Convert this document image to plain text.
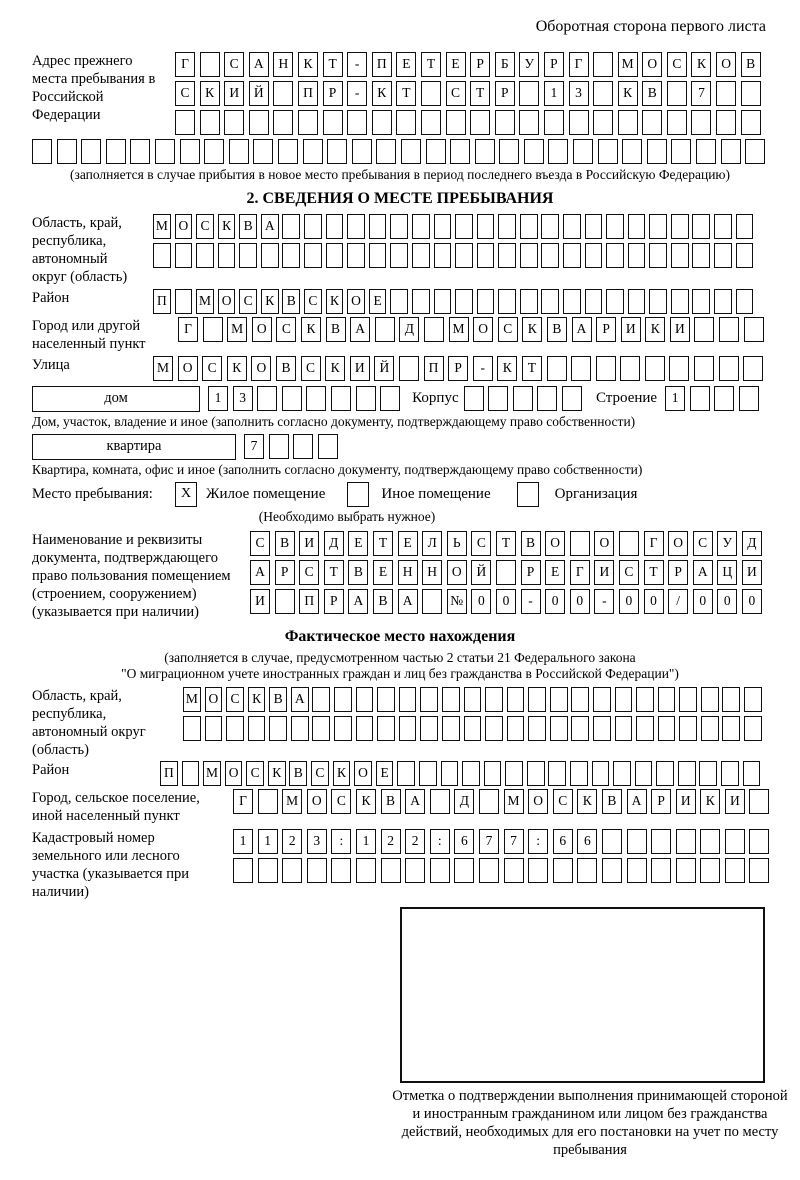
Оборотная сторона первого листа
Адрес прежнего места пребывания в Российской Федерации
Г	С	А	Н	К	Т	-	П	Е	Т	Е	Р	Б	У	Р	Г	М	О	С	К	О	В
С	К	И	Й	П	Р	-	К	Т	С	Т	Р	1	3	К	В	7
(заполняется в случае прибытия в новое место пребывания в период последнего въезда в Российскую Федерацию)
2. СВЕДЕНИЯ О МЕСТЕ ПРЕБЫВАНИЯ
Область, край, республика, автономный округ (область)
М О С К В А
Район	П М О С К В С К О Е
Город или другой населенный пункт
Г	М	О	С	К	В	А	Д	М	О	С	К	В	А	Р	И	К	И
Улица	М	О	С	К	О	В	С	К	И	Й	П	Р	-	К	Т
дом	1	3	Корпус	Строение	1
Дом, участок, владение и иное (заполнить согласно документу, подтверждающему право собственности)
квартира	7
Квартира, комната, офис и иное (заполнить согласно документу, подтверждающему право собственности)
Место пребывания:	X Жилое помещение	Иное помещение	Организация
(Необходимо выбрать нужное)
Наименование и реквизиты документа, подтверждающего право пользования помещением (строением, сооружением) (указывается при наличии)
С	В	И	Д	Е	Т	Е	Л	Ь	С	Т	В	О	О	Г	О	С	У	Д
А	Р	С	Т	В	Е	Н	Н	О	Й	Р	Е	Г	И	С	Т	Р	А	Ц	И
И	П	Р	А	В	А	№	0	0	-	0	0	-	0	0	/	0	0	0
Фактическое место нахождения
(заполняется в случае, предусмотренном частью 2 статьи 21 Федерального закона
"О миграционном учете иностранных граждан и лиц без гражданства в Российской Федерации")
Область, край, республика, автономный округ (область)
М О С К В А
Район	П М О С К В С К О Е
Город, сельское поселение, иной населенный пункт
Г	М	О	С	К	В	А	Д	М	О	С	К	В	А	Р	И	К	И
Кадастровый номер земельного или лесного участка (указывается при наличии)
1	1	2	3	:	1	2	2	:	6	7	7	:	6	6
Отметка о подтверждении выполнения принимающей стороной и иностранным гражданином или лицом без гражданства действий, необходимых для его постановки на учет по месту пребывания
